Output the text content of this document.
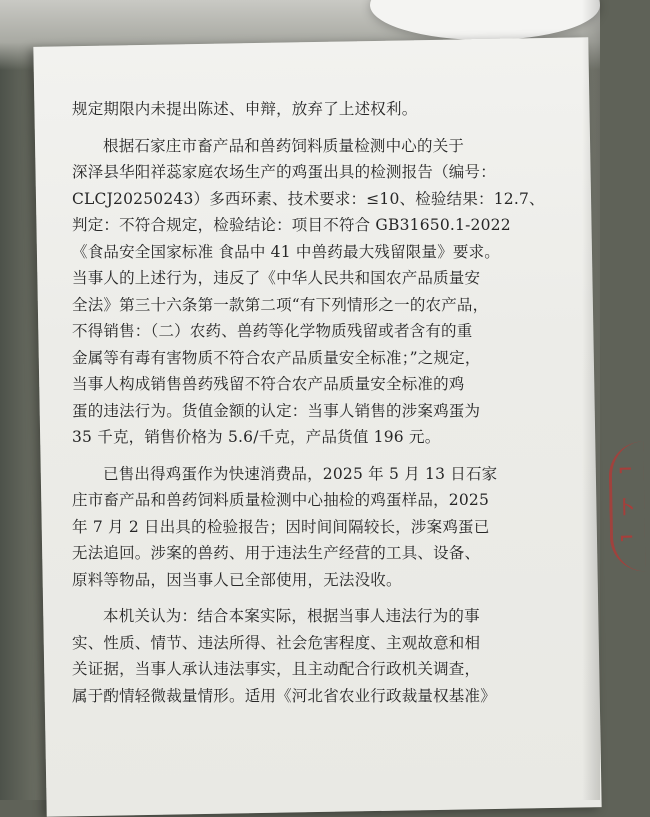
⌐
卜
⌐
规定期限内未提出陈述、申辩，放弃了上述权利。
根据石家庄市畜产品和兽药饲料质量检测中心的关于
深泽县华阳祥蕊家庭农场生产的鸡蛋出具的检测报告（编号：
CLCJ20250243）多西环素、技术要求：≤10、检验结果：12.7、
判定：不符合规定，检验结论：项目不符合 GB31650.1-2022
《食品安全国家标准 食品中 41 中兽药最大残留限量》要求。
当事人的上述行为，违反了《中华人民共和国农产品质量安
全法》第三十六条第一款第二项“有下列情形之一的农产品，
不得销售：（二）农药、兽药等化学物质残留或者含有的重
金属等有毒有害物质不符合农产品质量安全标准；”之规定，
当事人构成销售兽药残留不符合农产品质量安全标准的鸡
蛋的违法行为。货值金额的认定：当事人销售的涉案鸡蛋为
35 千克，销售价格为 5.6/千克，产品货值 196 元。
已售出得鸡蛋作为快速消费品，2025 年 5 月 13 日石家
庄市畜产品和兽药饲料质量检测中心抽检的鸡蛋样品，2025
年 7 月 2 日出具的检验报告；因时间间隔较长，涉案鸡蛋已
无法追回。涉案的兽药、用于违法生产经营的工具、设备、
原料等物品，因当事人已全部使用，无法没收。
本机关认为：结合本案实际，根据当事人违法行为的事
实、性质、情节、违法所得、社会危害程度、主观故意和相
关证据，当事人承认违法事实，且主动配合行政机关调查，
属于酌情轻微裁量情形。适用《河北省农业行政裁量权基准》
